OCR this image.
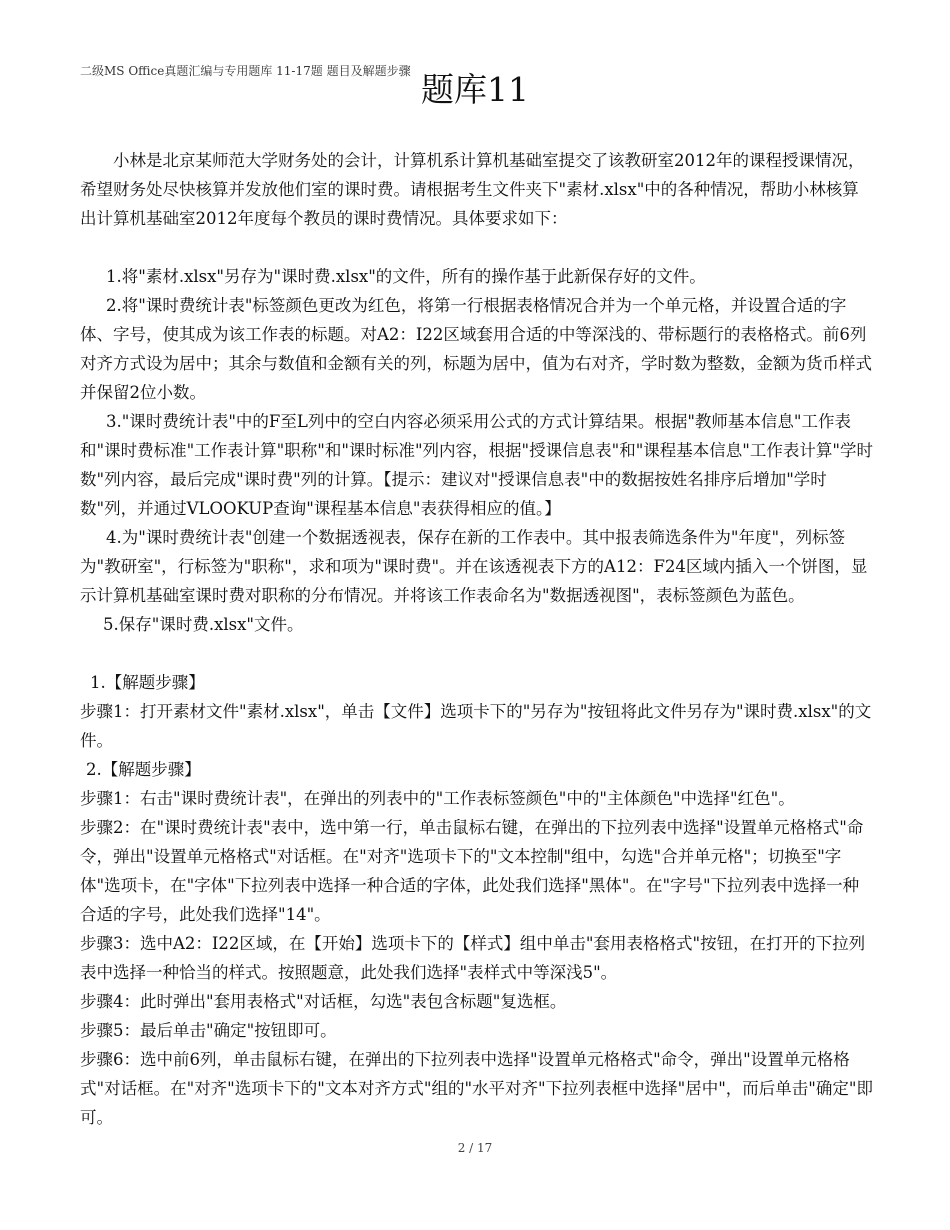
二级MS Office真题汇编与专用题库 11-17题 题目及解题步骤 题库11

小林是北京某师范大学财务处的会计，计算机系计算机基础室提交了该教研室2012年的课程授课情况，希望财务处尽快核算并发放他们室的课时费。请根据考生文件夹下"素材.xlsx"中的各种情况，帮助小林核算出计算机基础室2012年度每个教员的课时费情况。具体要求如下：

1.将"素材.xlsx"另存为"课时费.xlsx"的文件，所有的操作基于此新保存好的文件。

2.将"课时费统计表"标签颜色更改为红色，将第一行根据表格情况合并为一个单元格，并设置合适的字体、字号，使其成为该工作表的标题。对A2：I22区域套用合适的中等深浅的、带标题行的表格格式。前6列对齐方式设为居中；其余与数值和金额有关的列，标题为居中，值为右对齐，学时数为整数，金额为货币样式并保留2位小数。

3."课时费统计表"中的F至L列中的空白内容必须采用公式的方式计算结果。根据"教师基本信息"工作表和"课时费标准"工作表计算"职称"和"课时标准"列内容，根据"授课信息表"和"课程基本信息"工作表计算"学时数"列内容，最后完成"课时费"列的计算。【提示：建议对"授课信息表"中的数据按姓名排序后增加"学时数"列，并通过VLOOKUP查询"课程基本信息"表获得相应的值。】

4.为"课时费统计表"创建一个数据透视表，保存在新的工作表中。其中报表筛选条件为"年度"，列标签为"教研室"，行标签为"职称"，求和项为"课时费"。并在该透视表下方的A12：F24区域内插入一个饼图，显示计算机基础室课时费对职称的分布情况。并将该工作表命名为"数据透视图"，表标签颜色为蓝色。

5.保存"课时费.xlsx"文件。

1.【解题步骤】

步骤1：打开素材文件"素材.xlsx"，单击【文件】选项卡下的"另存为"按钮将此文件另存为"课时费.xlsx"的文件。

2.【解题步骤】

步骤1：右击"课时费统计表"，在弹出的列表中的"工作表标签颜色"中的"主体颜色"中选择"红色"。

步骤2：在"课时费统计表"表中，选中第一行，单击鼠标右键，在弹出的下拉列表中选择"设置单元格格式"命令，弹出"设置单元格格式"对话框。在"对齐"选项卡下的"文本控制"组中，勾选"合并单元格"；切换至"字体"选项卡，在"字体"下拉列表中选择一种合适的字体，此处我们选择"黑体"。在"字号"下拉列表中选择一种合适的字号，此处我们选择"14"。

步骤3：选中A2：I22区域，在【开始】选项卡下的【样式】组中单击"套用表格格式"按钮，在打开的下拉列表中选择一种恰当的样式。按照题意，此处我们选择"表样式中等深浅5"。

步骤4：此时弹出"套用表格式"对话框，勾选"表包含标题"复选框。

步骤5：最后单击"确定"按钮即可。

步骤6：选中前6列，单击鼠标右键，在弹出的下拉列表中选择"设置单元格格式"命令，弹出"设置单元格格式"对话框。在"对齐"选项卡下的"文本对齐方式"组的"水平对齐"下拉列表框中选择"居中"，而后单击"确定"即可。

2 / 17
